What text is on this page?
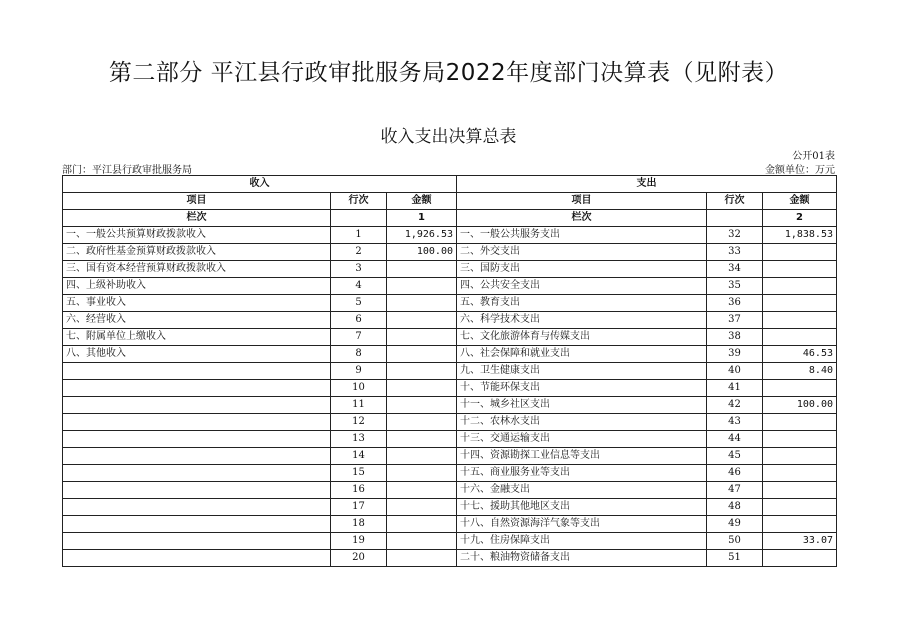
第二部分 平江县行政审批服务局2022年度部门决算表（见附表）
收入支出决算总表
公开01表
部门：平江县行政审批服务局	金额单位：万元
收入			支出		
项目	行次	金额	项目	行次	金额
栏次		1	栏次		2
一、一般公共预算财政拨款收入	1	1,926.53	一、一般公共服务支出	32	1,838.53
二、政府性基金预算财政拨款收入	2	100.00	二、外交支出	33	
三、国有资本经营预算财政拨款收入	3		三、国防支出	34	
四、上级补助收入	4		四、公共安全支出	35	
五、事业收入	5		五、教育支出	36	
六、经营收入	6		六、科学技术支出	37	
七、附属单位上缴收入	7		七、文化旅游体育与传媒支出	38	
八、其他收入	8		八、社会保障和就业支出	39	46.53
	9		九、卫生健康支出	40	8.40
	10		十、节能环保支出	41	
	11		十一、城乡社区支出	42	100.00
	12		十二、农林水支出	43	
	13		十三、交通运输支出	44	
	14		十四、资源勘探工业信息等支出	45	
	15		十五、商业服务业等支出	46	
	16		十六、金融支出	47	
	17		十七、援助其他地区支出	48	
	18		十八、自然资源海洋气象等支出	49	
	19		十九、住房保障支出	50	33.07
	20		二十、粮油物资储备支出	51	
